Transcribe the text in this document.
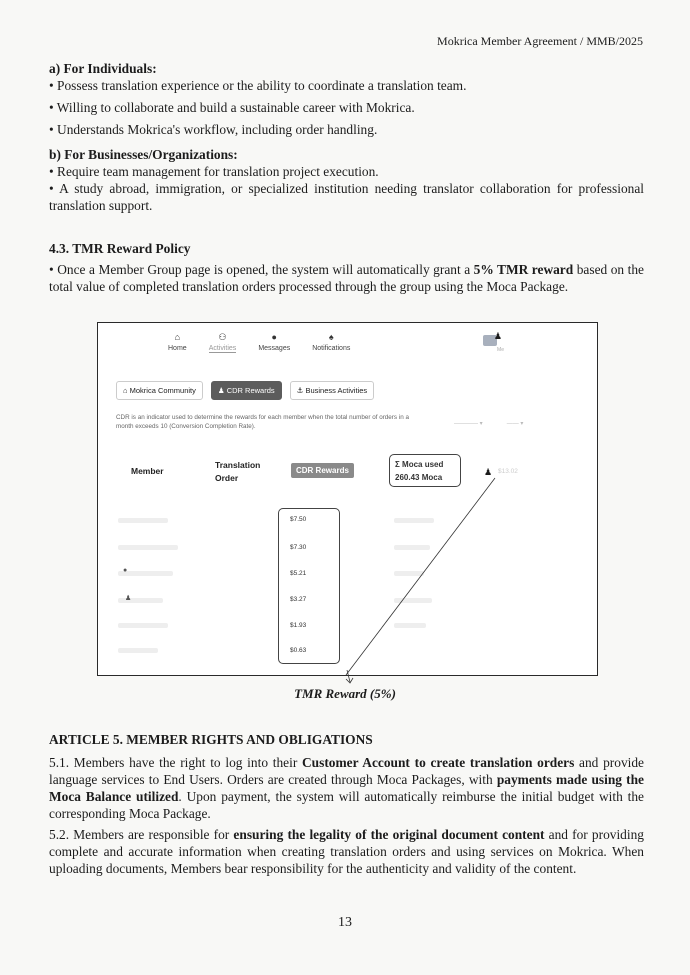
Mokrica Member Agreement / MMB/2025
a) For Individuals:
• Possess translation experience or the ability to coordinate a translation team.
• Willing to collaborate and build a sustainable career with Mokrica.
• Understands Mokrica's workflow, including order handling.
b) For Businesses/Organizations:
• Require team management for translation project execution.
• A study abroad, immigration, or specialized institution needing translator collaboration for professional translation support.
4.3. TMR Reward Policy
• Once a Member Group page is opened, the system will automatically grant a 5% TMR reward based on the total value of completed translation orders processed through the group using the Moca Package.
⌂
Home
⚇
Activities
●
Messages
♠
Notifications
♟
Me
⌂ Mokrica Community	♟ CDR Rewards	⚓ Business Activities
CDR is an indicator used to determine the rewards for each member when the total number of orders in a month exceeds 10 (Conversion Completion Rate).	———— ▾	—— ▾
Member
Translation Order
CDR Rewards
Σ Moca used
260.43 Moca
♟ $13.02
$7.50
$7.30
$5.21
$3.27
$1.93
$0.63
●
♟
TMR Reward (5%)
ARTICLE 5. MEMBER RIGHTS AND OBLIGATIONS
5.1. Members have the right to log into their Customer Account to create translation orders and provide language services to End Users. Orders are created through Moca Packages, with payments made using the Moca Balance utilized. Upon payment, the system will automatically reimburse the initial budget with the corresponding Moca Package.
5.2. Members are responsible for ensuring the legality of the original document content and for providing complete and accurate information when creating translation orders and using services on Mokrica. When uploading documents, Members bear responsibility for the authenticity and validity of the content.
13
